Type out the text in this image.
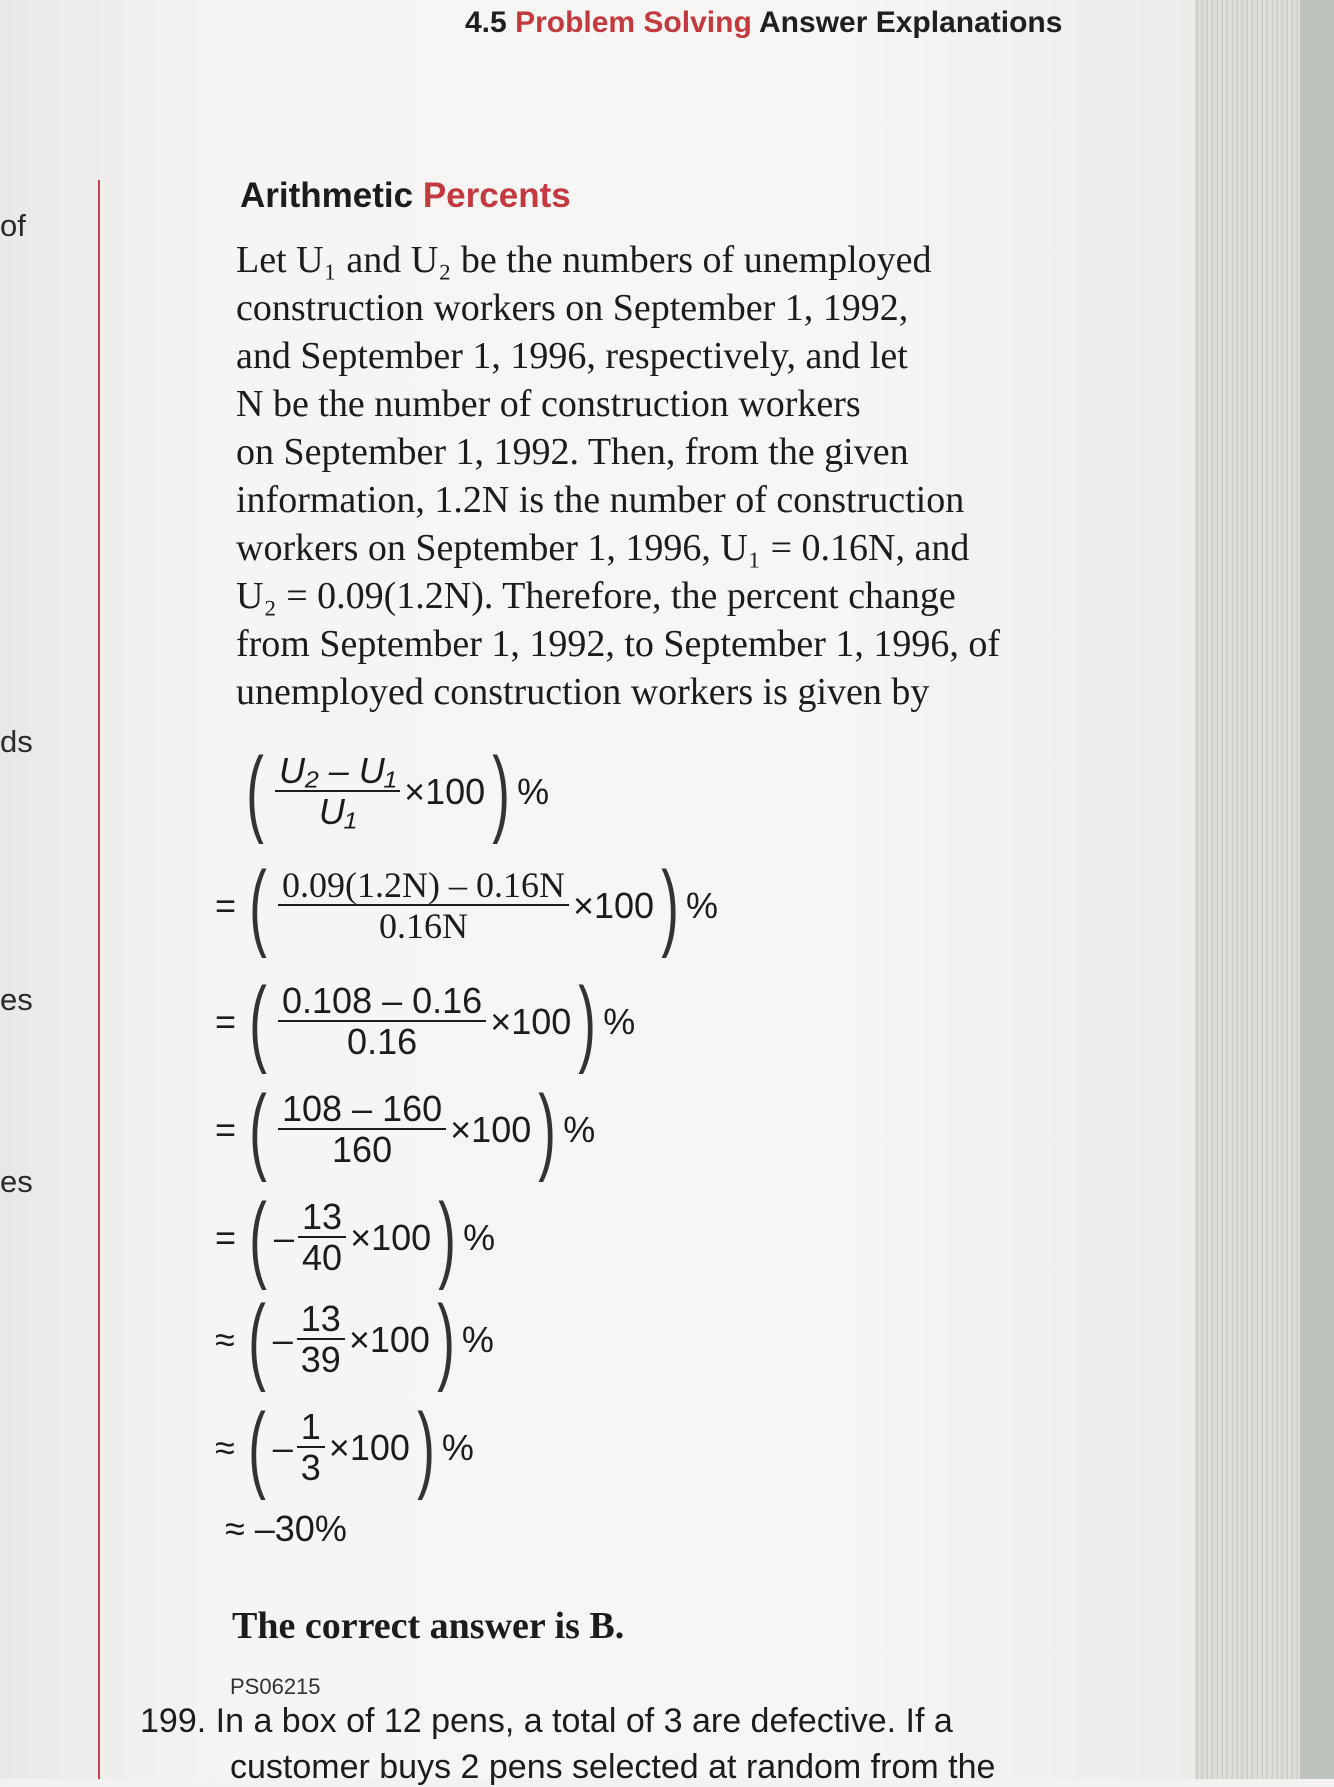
4.5 Problem Solving Answer Explanations
of
ds
es
es
Arithmetic Percents

Let U₁ and U₂ be the numbers of unemployed

construction workers on September 1, 1992,

and September 1, 1996, respectively, and let

N be the number of construction workers

on September 1, 1992. Then, from the given

information, 1.2N is the number of construction

workers on September 1, 1996, U₁ = 0.16N, and

U₂ = 0.09(1.2N). Therefore, the percent change

from September 1, 1992, to September 1, 1996, of

unemployed construction workers is given by

( $\frac{\text{U₂ – U₁}}{\text{U₁}} \times 100$ ) %
= ( $\frac{0.09(1.2N) - 0.16N}{0.16N} \times 100$ ) %
= ( $\frac{0.108 - 0.16}{0.16} \times 100$ ) %
= ( $\frac{108 - 160}{160} \times 100$ ) %
= ( – $\frac{13}{40} \times 100$ ) %
≈ ( – $\frac{13}{39} \times 100$ ) %
≈ ( – $\frac{1}{3} \times 100$ ) %
≈ –30%
The correct answer is B.
PS06215
199. In a box of 12 pens, a total of 3 are defective. If a
customer buys 2 pens selected at random from the
